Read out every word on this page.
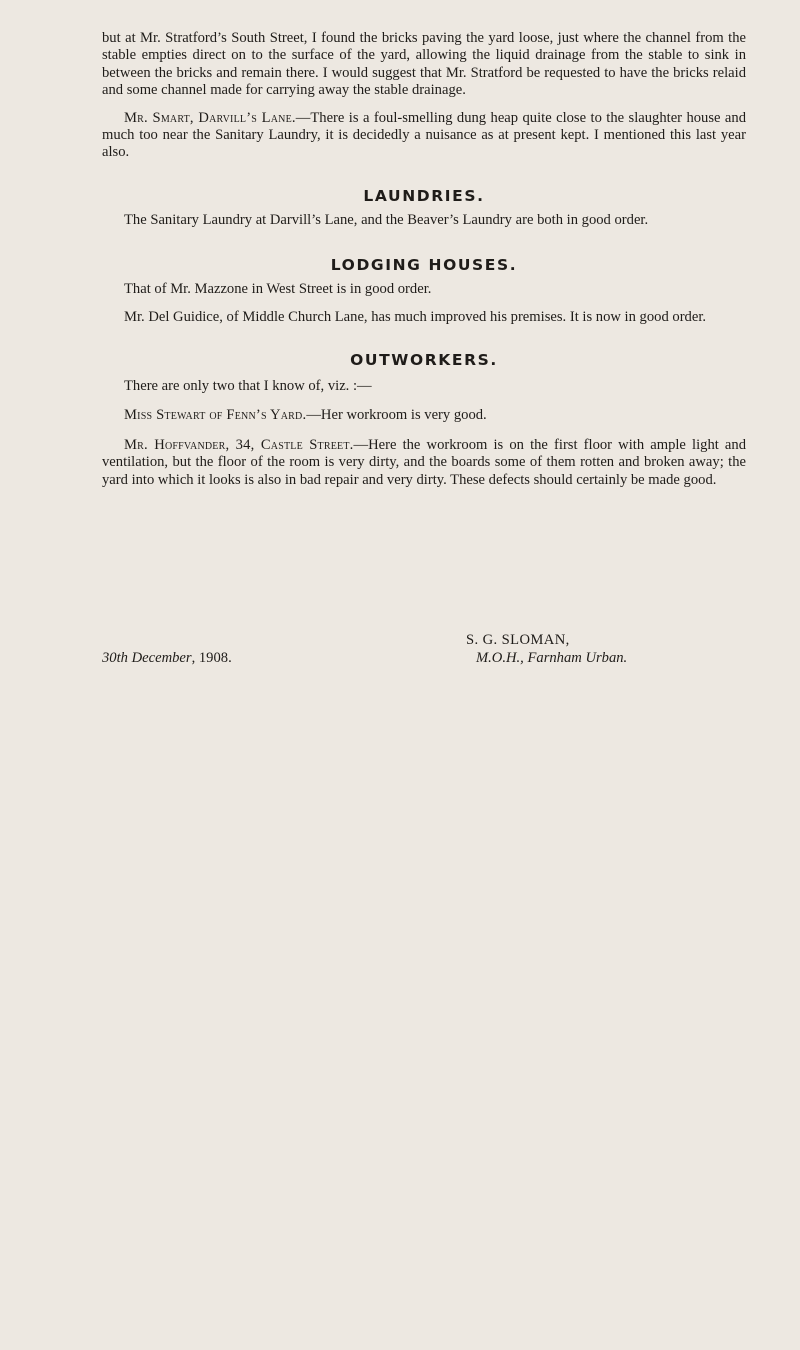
but at Mr. Stratford’s South Street, I found the bricks paving the yard loose, just where the channel from the stable empties direct on to the surface of the yard, allowing the liquid drainage from the stable to sink in between the bricks and remain there. I would suggest that Mr. Stratford be requested to have the bricks relaid and some channel made for carrying away the stable drainage.

Mr. Smart, Darvill’s Lane.—There is a foul-smelling dung heap quite close to the slaughter house and much too near the Sanitary Laundry, it is decidedly a nuisance as at present kept. I mentioned this last year also.

LAUNDRIES.

The Sanitary Laundry at Darvill’s Lane, and the Beaver’s Laundry are both in good order.

LODGING HOUSES.

That of Mr. Mazzone in West Street is in good order.

Mr. Del Guidice, of Middle Church Lane, has much improved his premises. It is now in good order.

OUTWORKERS.

There are only two that I know of, viz. :—

Miss Stewart of Fenn’s Yard.—Her workroom is very good.

Mr. Hoffvander, 34, Castle Street.—Here the workroom is on the first floor with ample light and ventilation, but the floor of the room is very dirty, and the boards some of them rotten and broken away; the yard into which it looks is also in bad repair and very dirty. These defects should certainly be made good.

S. G. SLOMAN,
30th December, 1908.	M.O.H., Farnham Urban.
